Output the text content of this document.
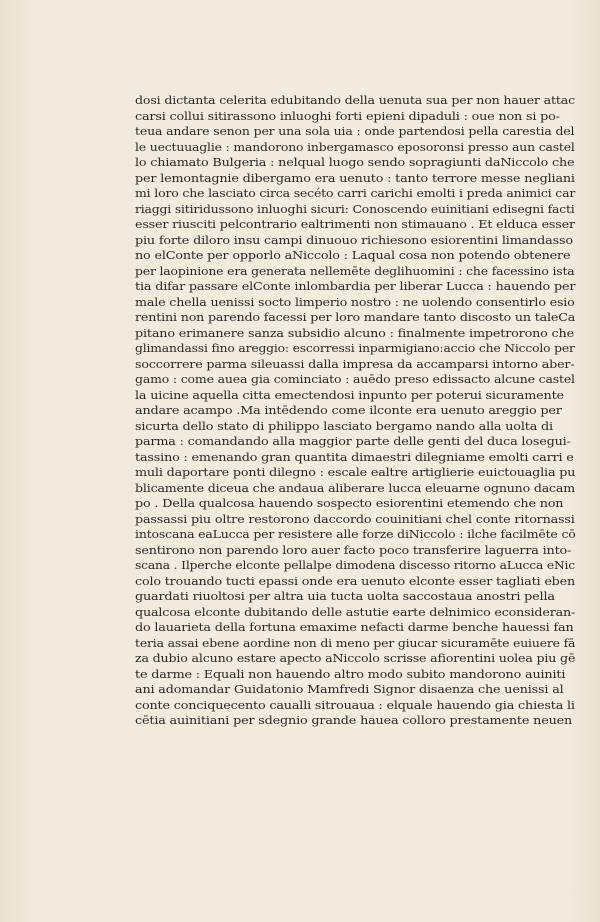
dosi dictanta celerita edubitando della uenuta sua per non hauer attac
carsi collui sitirassono inluoghi forti epieni dipaduli : oue non si po-
teua andare senon per una sola uia : onde partendosi pella carestia del
le uectuuaglie : mandorono inbergamasco eposoronsi presso aun castel
lo chiamato Bulgeria : nelqual luogo sendo sopragiunti daNiccolo che
per lemontagnie dibergamo era uenuto : tanto terrore messe negliani
mi loro che lasciato circa secéto carri carichi emolti i preda animici car
riaggi sitiridussono inluoghi sicuri: Conoscendo euinitiani edisegni facti
esser riusciti pelcontrario ealtrimenti non stimauano . Et elduca esser
piu forte diloro insu campi dinuouo richiesono esiorentini limandasso
no elConte per opporlo aNiccolo : Laqual cosa non potendo obtenere
per laopinione era generata nellemēte deglihuomini : che facessino ista
tia difar passare elConte inlombardia per liberar Lucca : hauendo per
male chella uenissi socto limperio nostro : ne uolendo consentirlo esio
rentini non parendo facessi per loro mandare tanto discosto un taleCa
pitano erimanere sanza subsidio alcuno : finalmente impetrorono che
glimandassi fino areggio: escorressi inparmigiano:accio che Niccolo per
soccorrere parma sileuassi dalla impresa da accamparsi intorno aber-
gamo : come auea gia cominciato : auēdo preso edissacto alcune castel
la uicine aquella citta emectendosi inpunto per poterui sicuramente
andare acampo .Ma intēdendo come ilconte era uenuto areggio per
sicurta dello stato di philippo lasciato bergamo nando alla uolta di
parma : comandando alla maggior parte delle genti del duca losegui-
tassino : emenando gran quantita dimaestri dilegniame emolti carri e
muli daportare ponti dilegno : escale ealtre artiglierie euictouaglia pu
blicamente diceua che andaua aliberare lucca eleuarne ognuno dacam
po . Della qualcosa hauendo sospecto esiorentini etemendo che non
passassi piu oltre restorono daccordo couinitiani chel conte ritornassi
intoscana eaLucca per resistere alle forze diNiccolo : ilche facilmēte cō
sentirono non parendo loro auer facto poco transferire laguerra into-
scana . Ilperche elconte pellalpe dimodena discesso ritorno aLucca eNic
colo trouando tucti epassi onde era uenuto elconte esser tagliati eben
guardati riuoltosi per altra uia tucta uolta saccostaua anostri pella
qualcosa elconte dubitando delle astutie earte delnimico econsideran-
do lauarieta della fortuna emaxime nefacti darme benche hauessi fan
teria assai ebene aordine non di meno per giucar sicuramēte euiuere fā
za dubio alcuno estare apecto aNiccolo scrisse afiorentini uolea piu gē
te darme : Equali non hauendo altro modo subito mandorono auiniti
ani adomandar Guidatonio Mamfredi Signor disaenza che uenissi al
conte conciquecento caualli sitrouaua : elquale hauendo gia chiesta li
cētia auinitiani per sdegnio grande hauea colloro prestamente neuen
